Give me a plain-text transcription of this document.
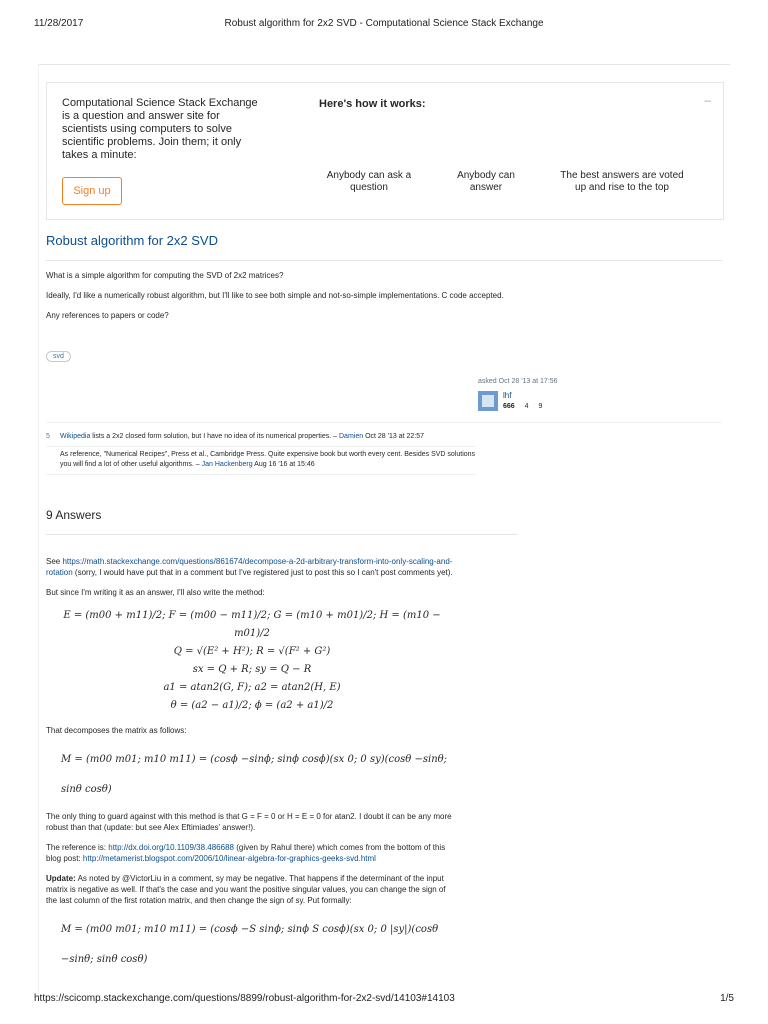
11/28/2017	Robust algorithm for 2x2 SVD - Computational Science Stack Exchange
Computational Science Stack Exchange is a question and answer site for scientists using computers to solve scientific problems. Join them; it only takes a minute:
Sign up
Here's how it works:	–
Anybody can ask a question
Anybody can answer
The best answers are voted up and rise to the top
Robust algorithm for 2x2 SVD

What is a simple algorithm for computing the SVD of 2x2 matrices?

Ideally, I'd like a numerically robust algorithm, but I'll like to see both simple and not-so-simple implementations. C code accepted.

Any references to papers or code?

svd
asked Oct 28 '13 at 17:56
lhf
666 4 9
5	Wikipedia lists a 2x2 closed form solution, but I have no idea of its numerical properties. – Damien Oct 28 '13 at 22:57
As reference, "Numerical Recipes", Press et al., Cambridge Press. Quite expensive book but worth every cent. Besides SVD solutions you will find a lot of other useful algorithms. – Jan Hackenberg Aug 16 '16 at 15:46
9 Answers

See https://math.stackexchange.com/questions/861674/decompose-a-2d-arbitrary-transform-into-only-scaling-and-rotation (sorry, I would have put that in a comment but I've registered just to post this so I can't post comments yet).

But since I'm writing it as an answer, I'll also write the method:

E = (m00 + m11)/2; F = (m00 − m11)/2; G = (m10 + m01)/2; H = (m10 − m01)/2
Q = √(E² + H²); R = √(F² + G²)
sx = Q + R; sy = Q − R
a1 = atan2(G, F); a2 = atan2(H, E)
θ = (a2 − a1)/2; ϕ = (a2 + a1)/2

That decomposes the matrix as follows:

M = (m00 m01; m10 m11) = (cosϕ −sinϕ; sinϕ cosϕ)(sx 0; 0 sy)(cosθ −sinθ; sinθ cosθ)

The only thing to guard against with this method is that G = F = 0 or H = E = 0 for atan2. I doubt it can be any more robust than that (update: but see Alex Eftimiades' answer!).

The reference is: http://dx.doi.org/10.1109/38.486688 (given by Rahul there) which comes from the bottom of this blog post: http://metamerist.blogspot.com/2006/10/linear-algebra-for-graphics-geeks-svd.html

Update: As noted by @VictorLiu in a comment, sy may be negative. That happens if the determinant of the input matrix is negative as well. If that's the case and you want the positive singular values, you can change the sign of the last column of the first rotation matrix, and then change the sign of sy. Put formally:

M = (m00 m01; m10 m11) = (cosϕ −S sinϕ; sinϕ S cosϕ)(sx 0; 0 |sy|)(cosθ −sinθ; sinθ cosθ)
https://scicomp.stackexchange.com/questions/8899/robust-algorithm-for-2x2-svd/14103#14103	1/5
